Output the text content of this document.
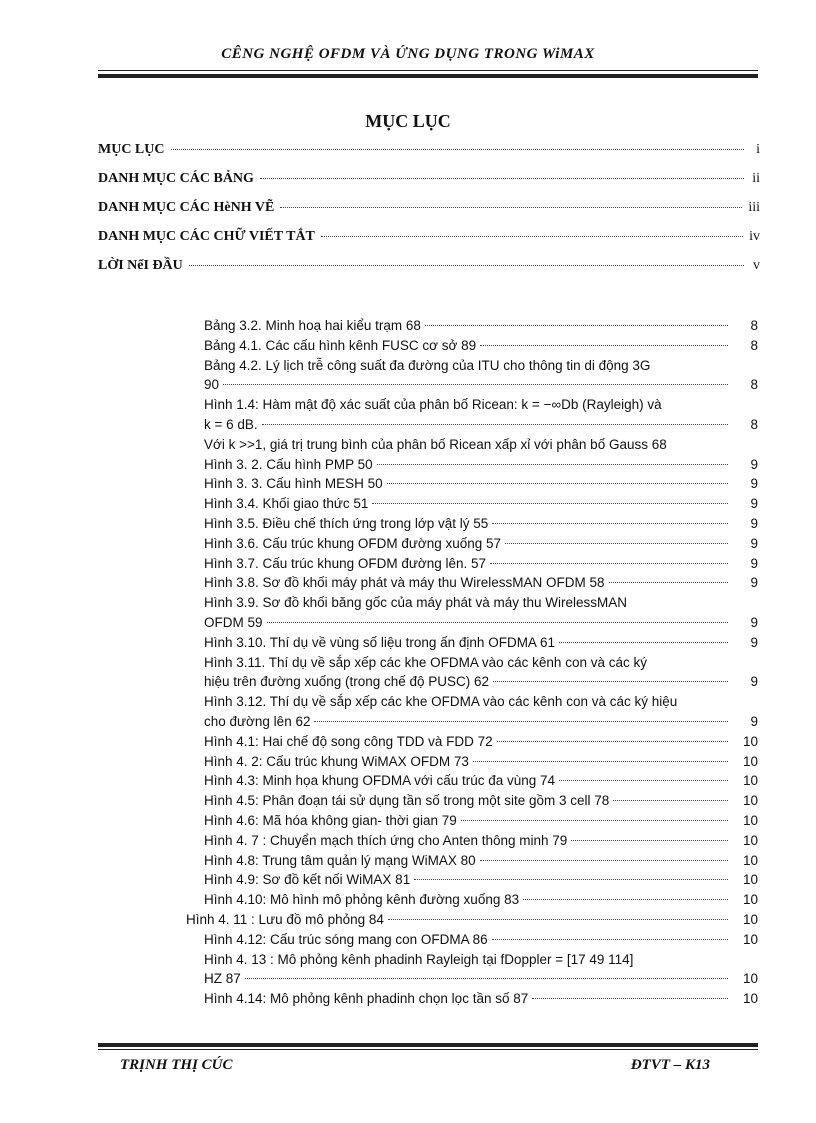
CÊNG NGHỆ OFDM VÀ ỨNG DỤNG TRONG WiMAX
MỤC LỤC
MỤC LỤC	i
DANH MỤC CÁC BẢNG	ii
DANH MỤC CÁC HèNH VẼ	iii
DANH MỤC CÁC CHỮ VIẾT TẮT	iv
LỜI NểI ĐẦU	v
Bảng 3.2. Minh hoạ hai kiểu trạm 68	8
Bảng 4.1. Các cấu hình kênh FUSC cơ sở 89	8
Bảng 4.2. Lý lịch trễ công suất đa đường của ITU cho thông tin di động 3G
90	8
Hình 1.4: Hàm mật độ xác suất của phân bố Ricean: k = −∞Db (Rayleigh) và
k = 6 dB.	8
Với k >>1, giá trị trung bình của phân bố Ricean xấp xỉ với phân bố Gauss 68
Hình 3. 2. Cấu hình PMP 50	9
Hình 3. 3. Cấu hình MESH 50	9
Hình 3.4. Khối giao thức 51	9
Hình 3.5. Điều chế thích ứng trong lớp vật lý 55	9
Hình 3.6. Cấu trúc khung OFDM đường xuống 57	9
Hình 3.7. Cấu trúc khung OFDM đường lên. 57	9
Hình 3.8. Sơ đồ khối máy phát và máy thu WirelessMAN OFDM 58	9
Hình 3.9. Sơ đồ khối băng gốc của máy phát và máy thu WirelessMAN
OFDM 59	9
Hình 3.10. Thí dụ về vùng số liệu trong ấn định OFDMA 61	9
Hình 3.11. Thí dụ về sắp xếp các khe OFDMA vào các kênh con và các ký
hiệu trên đường xuống (trong chế độ PUSC) 62	9
Hình 3.12. Thí dụ về sắp xếp các khe OFDMA vào các kênh con và các ký hiệu
cho đường lên 62	9
Hình 4.1: Hai chế độ song công TDD và FDD 72	10
Hình 4. 2: Cấu trúc khung WiMAX OFDM 73	10
Hình 4.3: Minh họa khung OFDMA với cấu trúc đa vùng 74	10
Hình 4.5: Phân đoạn tái sử dụng tần số trong một site gồm 3 cell 78	10
Hình 4.6: Mã hóa không gian- thời gian 79	10
Hình 4. 7 : Chuyển mạch thích ứng cho Anten thông minh 79	10
Hình 4.8: Trung tâm quản lý mạng WiMAX 80	10
Hình 4.9: Sơ đồ kết nối WiMAX 81	10
Hình 4.10: Mô hình mô phỏng kênh đường xuống 83	10
Hình 4. 11 : Lưu đồ mô phỏng 84	10
Hình 4.12: Cấu trúc sóng mang con OFDMA 86	10
Hình 4. 13 : Mô phỏng kênh phadinh Rayleigh tại fDoppler = [17 49 114]
HZ 87	10
Hình 4.14: Mô phỏng kênh phadinh chọn lọc tần số 87	10
TRỊNH THỊ CÚC	ĐTVT – K13
